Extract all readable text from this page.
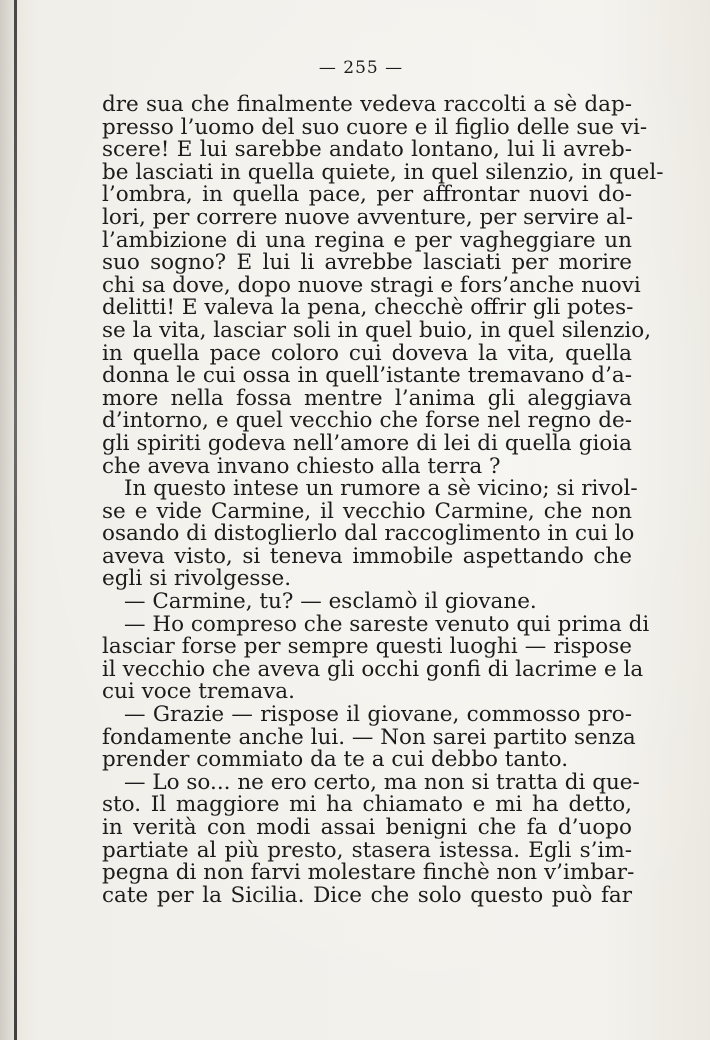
— 255 —
dre sua che finalmente vedeva raccolti a sè dap-
presso l’uomo del suo cuore e il figlio delle sue vi-
scere! E lui sarebbe andato lontano, lui li avreb-
be lasciati in quella quiete, in quel silenzio, in quel-
l’ombra, in quella pace, per affrontar nuovi do-
lori, per correre nuove avventure, per servire al-
l’ambizione di una regina e per vagheggiare un
suo sogno? E lui li avrebbe lasciati per morire
chi sa dove, dopo nuove stragi e fors’anche nuovi
delitti! E valeva la pena, checchè offrir gli potes-
se la vita, lasciar soli in quel buio, in quel silenzio,
in quella pace coloro cui doveva la vita, quella
donna le cui ossa in quell’istante tremavano d’a-
more nella fossa mentre l’anima gli aleggiava
d’intorno, e quel vecchio che forse nel regno de-
gli spiriti godeva nell’amore di lei di quella gioia
che aveva invano chiesto alla terra ?
In questo intese un rumore a sè vicino; si rivol-
se e vide Carmine, il vecchio Carmine, che non
osando di distoglierlo dal raccoglimento in cui lo
aveva visto, si teneva immobile aspettando che
egli si rivolgesse.
— Carmine, tu? — esclamò il giovane.
— Ho compreso che sareste venuto qui prima di
lasciar forse per sempre questi luoghi — rispose
il vecchio che aveva gli occhi gonfi di lacrime e la
cui voce tremava.
— Grazie — rispose il giovane, commosso pro-
fondamente anche lui. — Non sarei partito senza
prender commiato da te a cui debbo tanto.
— Lo so... ne ero certo, ma non si tratta di que-
sto. Il maggiore mi ha chiamato e mi ha detto,
in verità con modi assai benigni che fa d’uopo
partiate al più presto, stasera istessa. Egli s’im-
pegna di non farvi molestare finchè non v’imbar-
cate per la Sicilia. Dice che solo questo può far
